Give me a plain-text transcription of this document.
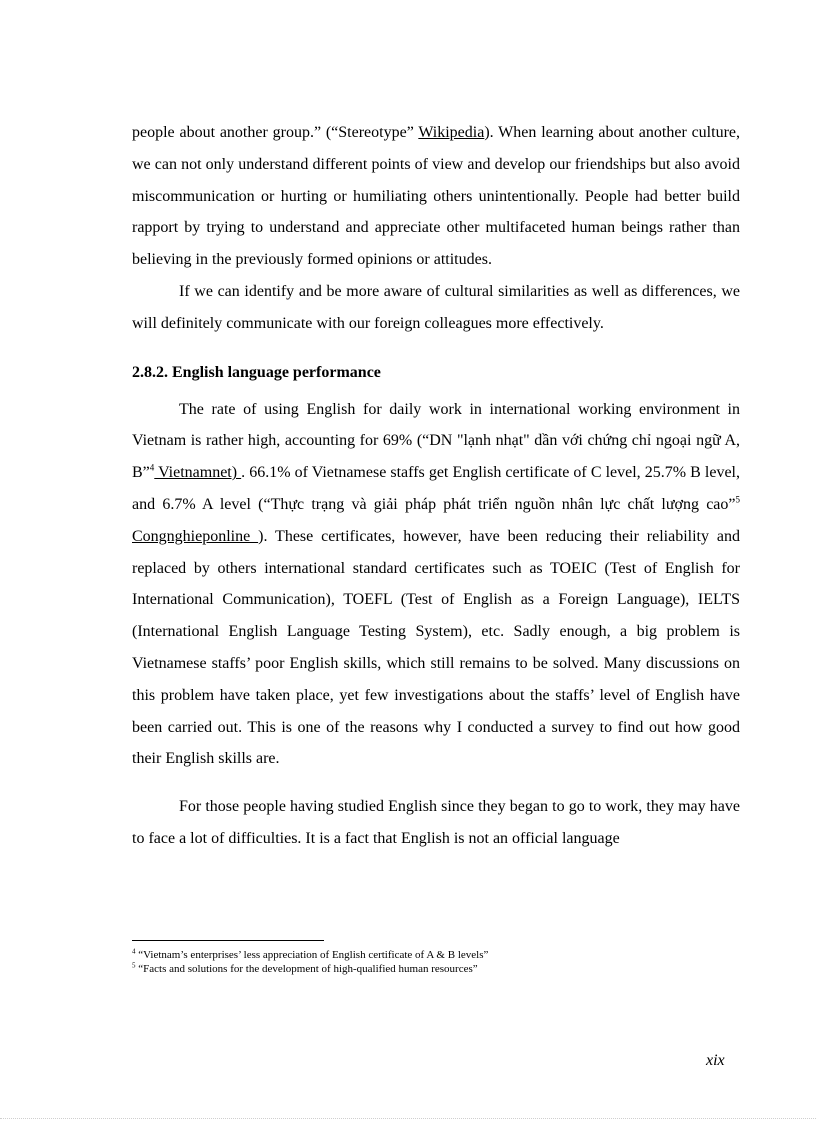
people about another group.” (“Stereotype” Wikipedia). When learning about another culture, we can not only understand different points of view and develop our friendships but also avoid miscommunication or hurting or humiliating others unintentionally. People had better build rapport by trying to understand and appreciate other multifaceted human beings rather than believing in the previously formed opinions or attitudes.

If we can identify and be more aware of cultural similarities as well as differences, we will definitely communicate with our foreign colleagues more effectively.

2.8.2. English language performance

The rate of using English for daily work in international working environment in Vietnam is rather high, accounting for 69% (“DN "lạnh nhạt" dần với chứng chỉ ngoại ngữ A, B”$^4$ Vietnamnet) . 66.1% of Vietnamese staffs get English certificate of C level, 25.7% B level, and 6.7% A level (“Thực trạng và giải pháp phát triển nguồn nhân lực chất lượng cao”$^5$ Congnghieponline ). These certificates, however, have been reducing their reliability and replaced by others international standard certificates such as TOEIC (Test of English for International Communication), TOEFL (Test of English as a Foreign Language), IELTS (International English Language Testing System), etc. Sadly enough, a big problem is Vietnamese staffs’ poor English skills, which still remains to be solved. Many discussions on this problem have taken place, yet few investigations about the staffs’ level of English have been carried out. This is one of the reasons why I conducted a survey to find out how good their English skills are.

For those people having studied English since they began to go to work, they may have to face a lot of difficulties. It is a fact that English is not an official language

$^4$ “Vietnam’s enterprises’ less appreciation of English certificate of A & B levels”

$^5$ “Facts and solutions for the development of high-qualified human resources”

xix
